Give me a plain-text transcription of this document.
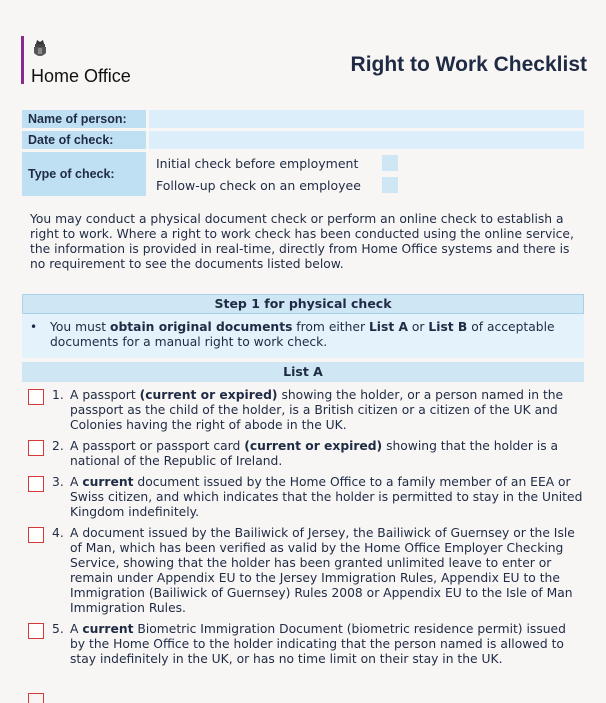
Home Office	Right to Work Checklist
Name of person:
Date of check:
Type of check:
Initial check before employment
Follow-up check on an employee
You may conduct a physical document check or perform an online check to establish a right to work. Where a right to work check has been conducted using the online service, the information is provided in real-time, directly from Home Office systems and there is no requirement to see the documents listed below.
Step 1 for physical check
• You must obtain original documents from either List A or List B of acceptable documents for a manual right to work check.
List A
1. A passport (current or expired) showing the holder, or a person named in the passport as the child of the holder, is a British citizen or a citizen of the UK and Colonies having the right of abode in the UK.
2. A passport or passport card (current or expired) showing that the holder is a national of the Republic of Ireland.
3. A current document issued by the Home Office to a family member of an EEA or Swiss citizen, and which indicates that the holder is permitted to stay in the United Kingdom indefinitely.
4. A document issued by the Bailiwick of Jersey, the Bailiwick of Guernsey or the Isle of Man, which has been verified as valid by the Home Office Employer Checking Service, showing that the holder has been granted unlimited leave to enter or remain under Appendix EU to the Jersey Immigration Rules, Appendix EU to the Immigration (Bailiwick of Guernsey) Rules 2008 or Appendix EU to the Isle of Man Immigration Rules.
5. A current Biometric Immigration Document (biometric residence permit) issued by the Home Office to the holder indicating that the person named is allowed to stay indefinitely in the UK, or has no time limit on their stay in the UK.
